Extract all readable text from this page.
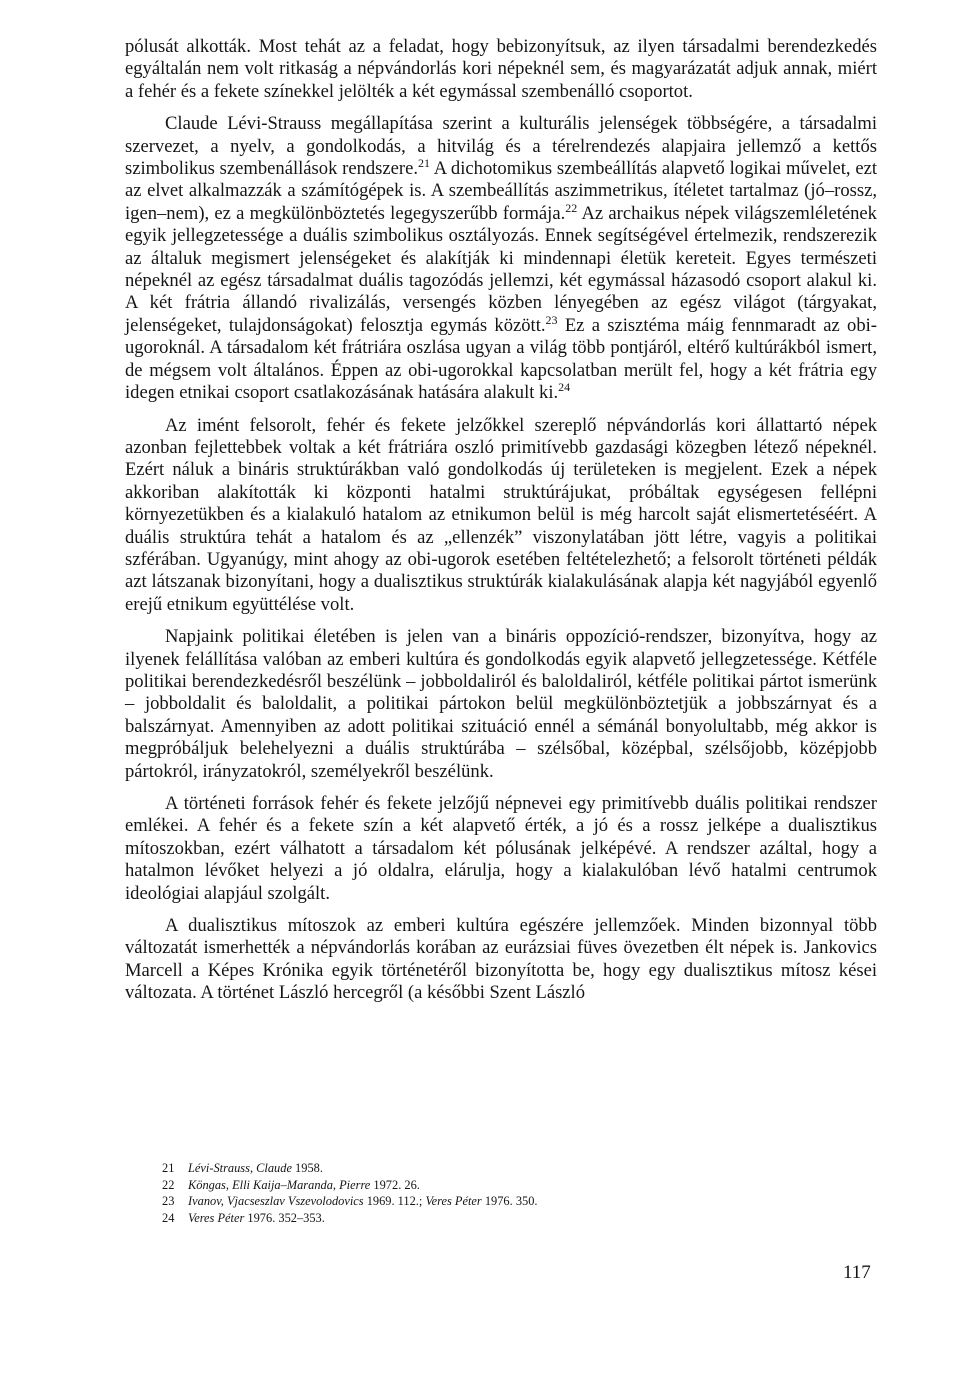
pólusát alkották. Most tehát az a feladat, hogy bebizonyítsuk, az ilyen társadalmi berendezkedés egyáltalán nem volt ritkaság a népvándorlás kori népeknél sem, és magyarázatát adjuk annak, miért a fehér és a fekete színekkel jelölték a két egymással szembenálló csoportot.

Claude Lévi-Strauss megállapítása szerint a kulturális jelenségek többségére, a társadalmi szervezet, a nyelv, a gondolkodás, a hitvilág és a térelrendezés alapjaira jellemző a kettős szimbolikus szembenállások rendszere.$^{21}$ A dichotomikus szembeállítás alapvető logikai művelet, ezt az elvet alkalmazzák a számítógépek is. A szembeállítás aszimmetrikus, ítéletet tartalmaz (jó–rossz, igen–nem), ez a megkülönböztetés legegyszerűbb formája.$^{22}$ Az archaikus népek világszemléletének egyik jellegzetessége a duális szimbolikus osztályozás. Ennek segítségével értelmezik, rendszerezik az általuk megismert jelenségeket és alakítják ki mindennapi életük kereteit. Egyes természeti népeknél az egész társadalmat duális tagozódás jellemzi, két egymással házasodó csoport alakul ki. A két frátria állandó rivalizálás, versengés közben lényegében az egész világot (tárgyakat, jelenségeket, tulajdonságokat) felosztja egymás között.$^{23}$ Ez a szisztéma máig fennmaradt az obi-ugoroknál. A társadalom két frátriára oszlása ugyan a világ több pontjáról, eltérő kultúrákból ismert, de mégsem volt általános. Éppen az obi-ugorokkal kapcsolatban merült fel, hogy a két frátria egy idegen etnikai csoport csatlakozásának hatására alakult ki.$^{24}$

Az imént felsorolt, fehér és fekete jelzőkkel szereplő népvándorlás kori állattartó népek azonban fejlettebbek voltak a két frátriára oszló primitívebb gazdasági közegben létező népeknél. Ezért náluk a bináris struktúrákban való gondolkodás új területeken is megjelent. Ezek a népek akkoriban alakították ki központi hatalmi struktúrájukat, próbáltak egységesen fellépni környezetükben és a kialakuló hatalom az etnikumon belül is még harcolt saját elismertetéséért. A duális struktúra tehát a hatalom és az „ellenzék” viszonylatában jött létre, vagyis a politikai szférában. Ugyanúgy, mint ahogy az obi-ugorok esetében feltételezhető; a felsorolt történeti példák azt látszanak bizonyítani, hogy a dualisztikus struktúrák kialakulásának alapja két nagyjából egyenlő erejű etnikum együttélése volt.

Napjaink politikai életében is jelen van a bináris oppozíció-rendszer, bizonyítva, hogy az ilyenek felállítása valóban az emberi kultúra és gondolkodás egyik alapvető jellegzetessége. Kétféle politikai berendezkedésről beszélünk – jobboldaliról és baloldaliról, kétféle politikai pártot ismerünk – jobboldalit és baloldalit, a politikai pártokon belül megkülönböztetjük a jobbszárnyat és a balszárnyat. Amennyiben az adott politikai szituáció ennél a sémánál bonyolultabb, még akkor is megpróbáljuk belehelyezni a duális struktúrába – szélsőbal, középbal, szélsőjobb, középjobb pártokról, irányzatokról, személyekről beszélünk.

A történeti források fehér és fekete jelzőjű népnevei egy primitívebb duális politikai rendszer emlékei. A fehér és a fekete szín a két alapvető érték, a jó és a rossz jelképe a dualisztikus mítoszokban, ezért válhatott a társadalom két pólusának jelképévé. A rendszer azáltal, hogy a hatalmon lévőket helyezi a jó oldalra, elárulja, hogy a kialakulóban lévő hatalmi centrumok ideológiai alapjául szolgált.

A dualisztikus mítoszok az emberi kultúra egészére jellemzőek. Minden bizonnyal több változatát ismerhették a népvándorlás korában az eurázsiai füves övezetben élt népek is. Jankovics Marcell a Képes Krónika egyik történetéről bizonyította be, hogy egy dualisztikus mítosz kései változata. A történet László hercegről (a későbbi Szent László

21 Lévi-Strauss, Claude 1958.
22 Köngas, Elli Kaija–Maranda, Pierre 1972. 26.
23 Ivanov, Vjacseszlav Vszevolodovics 1969. 112.; Veres Péter 1976. 350.
24 Veres Péter 1976. 352–353.
117
